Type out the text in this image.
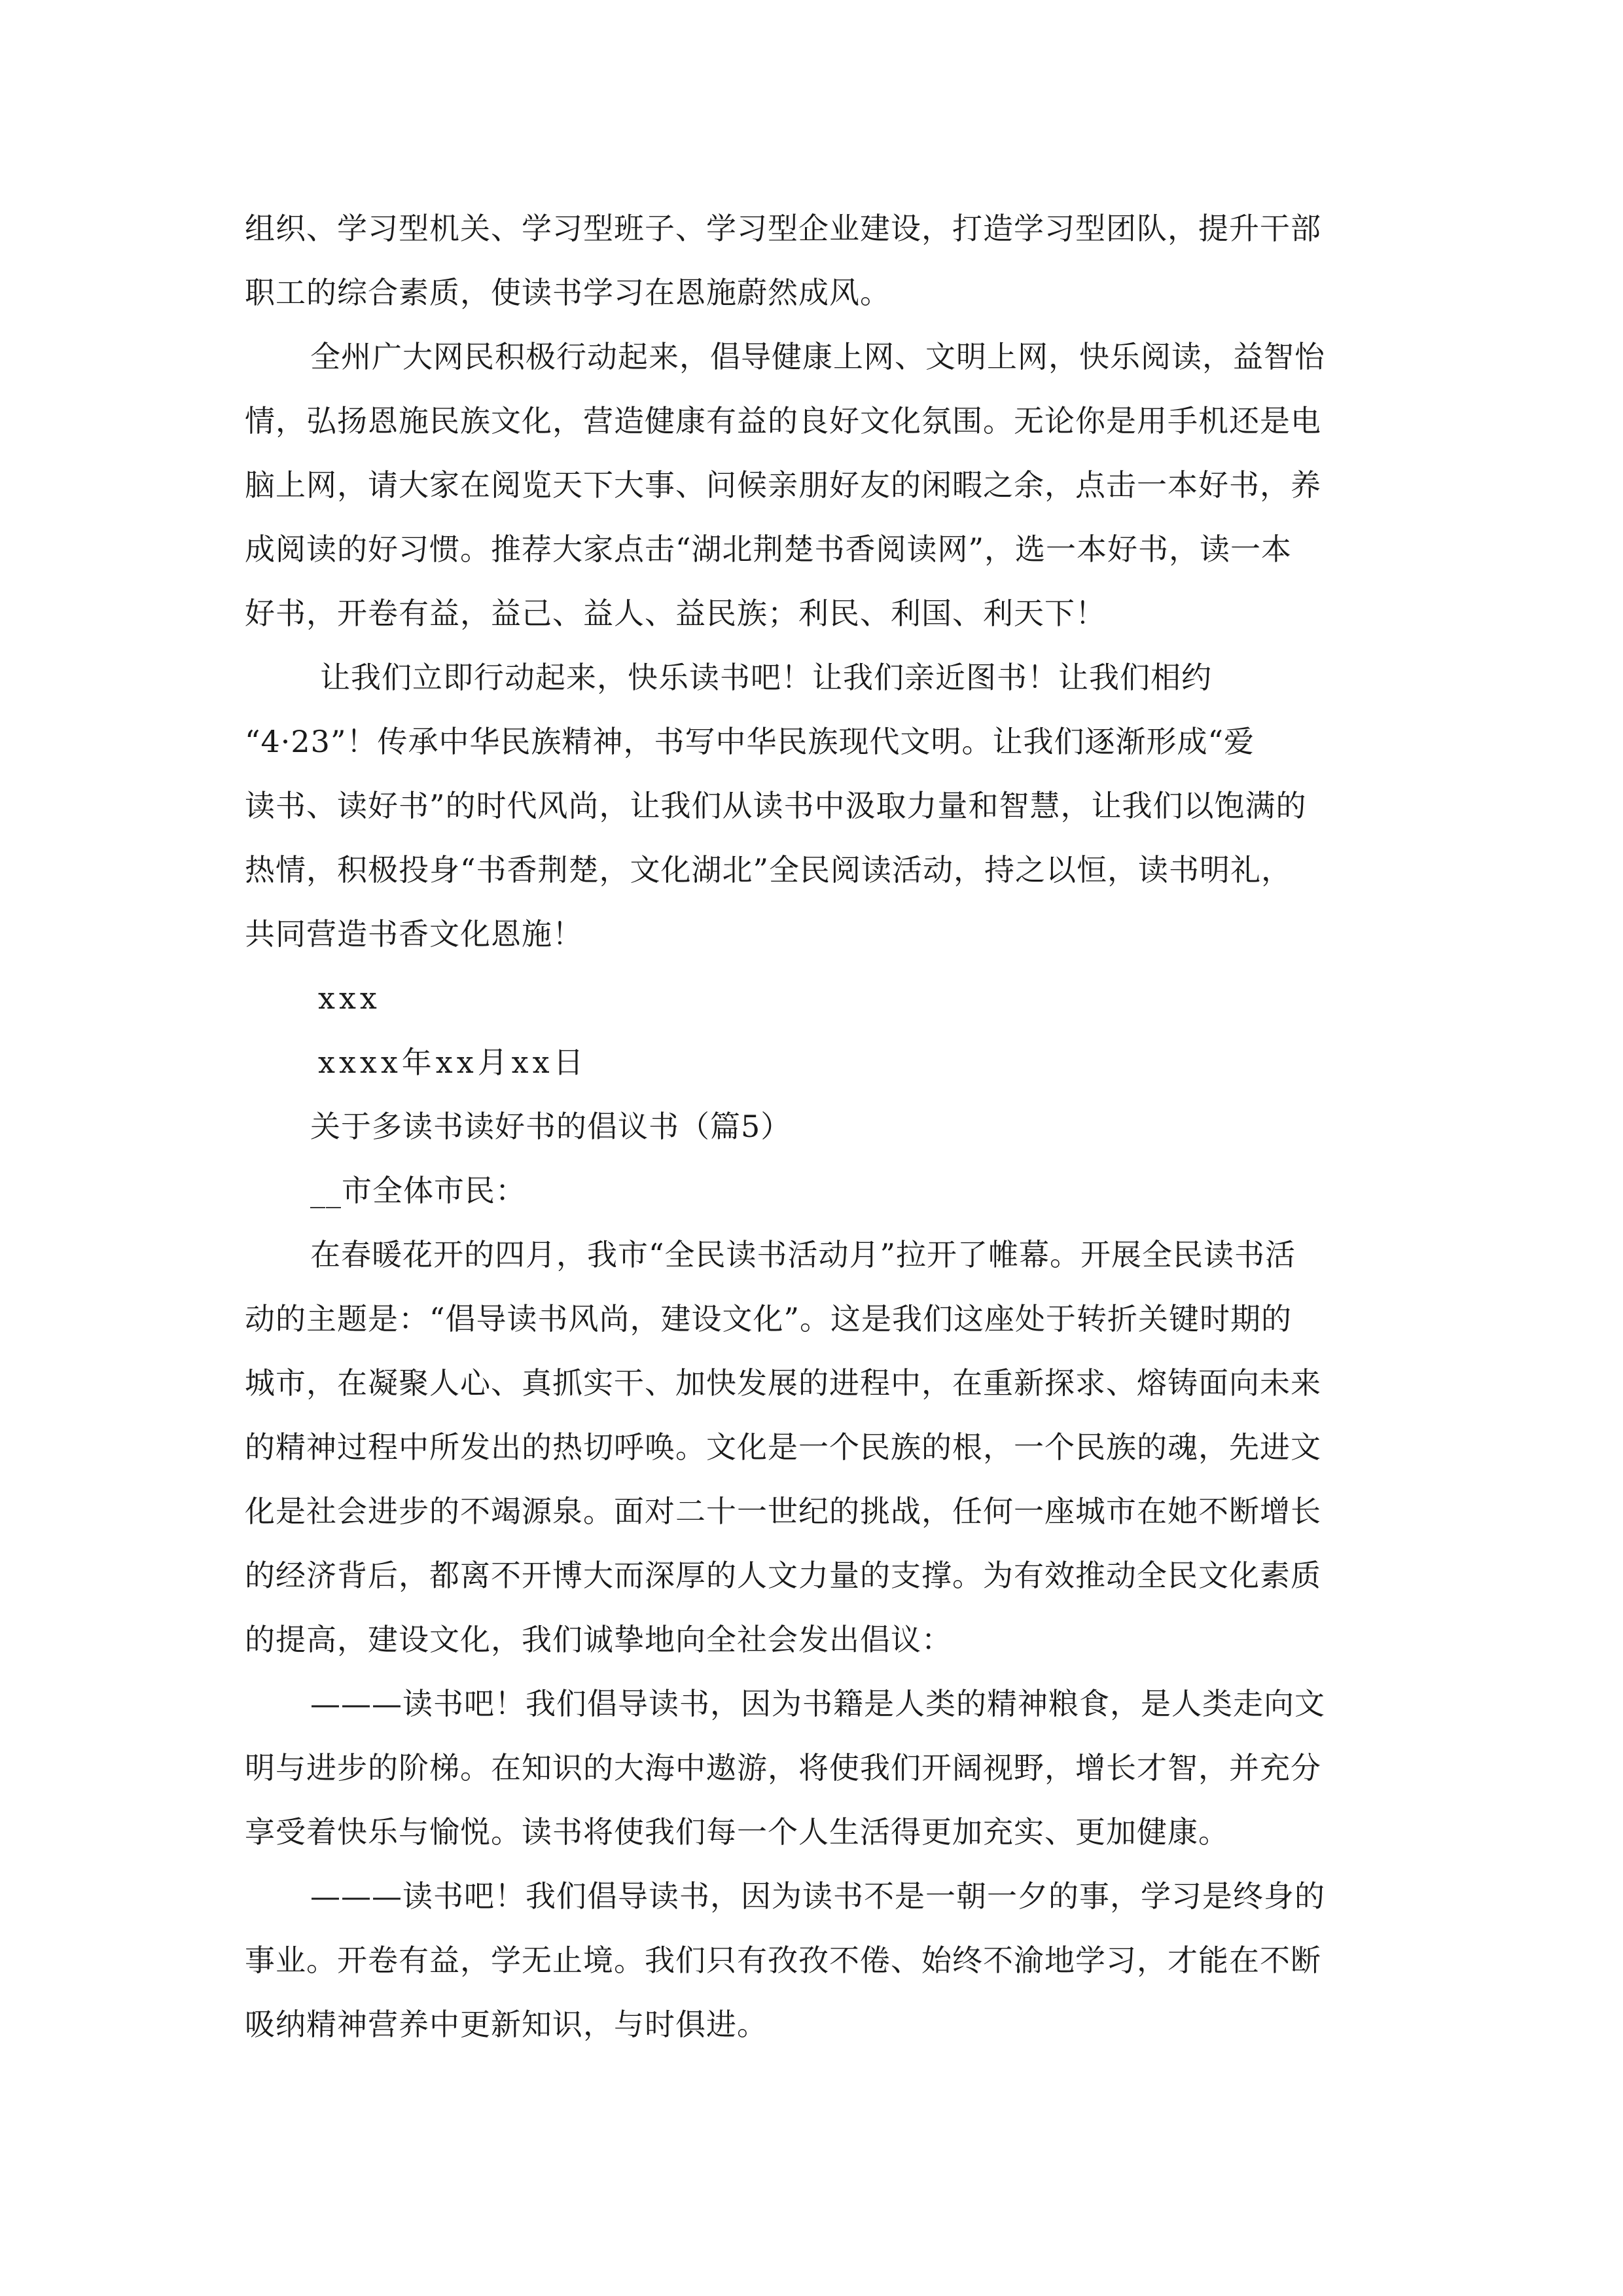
组织、学习型机关、学习型班子、学习型企业建设，打造学习型团队，提升干部
职工的综合素质，使读书学习在恩施蔚然成风。
全州广大网民积极行动起来，倡导健康上网、文明上网，快乐阅读，益智怡
情，弘扬恩施民族文化，营造健康有益的良好文化氛围。无论你是用手机还是电
脑上网，请大家在阅览天下大事、问候亲朋好友的闲暇之余，点击一本好书，养
成阅读的好习惯。推荐大家点击“湖北荆楚书香阅读网”，选一本好书，读一本
好书，开卷有益，益己、益人、益民族；利民、利国、利天下！
让我们立即行动起来，快乐读书吧！让我们亲近图书！让我们相约
“4·23”！传承中华民族精神，书写中华民族现代文明。让我们逐渐形成“爱
读书、读好书”的时代风尚，让我们从读书中汲取力量和智慧，让我们以饱满的
热情，积极投身“书香荆楚，文化湖北”全民阅读活动，持之以恒，读书明礼，
共同营造书香文化恩施！
xxx
xxxx年xx月xx日
关于多读书读好书的倡议书（篇5）
__市全体市民：
在春暖花开的四月，我市“全民读书活动月”拉开了帷幕。开展全民读书活
动的主题是：“倡导读书风尚，建设文化”。这是我们这座处于转折关键时期的
城市，在凝聚人心、真抓实干、加快发展的进程中，在重新探求、熔铸面向未来
的精神过程中所发出的热切呼唤。文化是一个民族的根，一个民族的魂，先进文
化是社会进步的不竭源泉。面对二十一世纪的挑战，任何一座城市在她不断增长
的经济背后，都离不开博大而深厚的人文力量的支撑。为有效推动全民文化素质
的提高，建设文化，我们诚挚地向全社会发出倡议：
———读书吧！我们倡导读书，因为书籍是人类的精神粮食，是人类走向文
明与进步的阶梯。在知识的大海中遨游，将使我们开阔视野，增长才智，并充分
享受着快乐与愉悦。读书将使我们每一个人生活得更加充实、更加健康。
———读书吧！我们倡导读书，因为读书不是一朝一夕的事，学习是终身的
事业。开卷有益，学无止境。我们只有孜孜不倦、始终不渝地学习，才能在不断
吸纳精神营养中更新知识，与时俱进。
